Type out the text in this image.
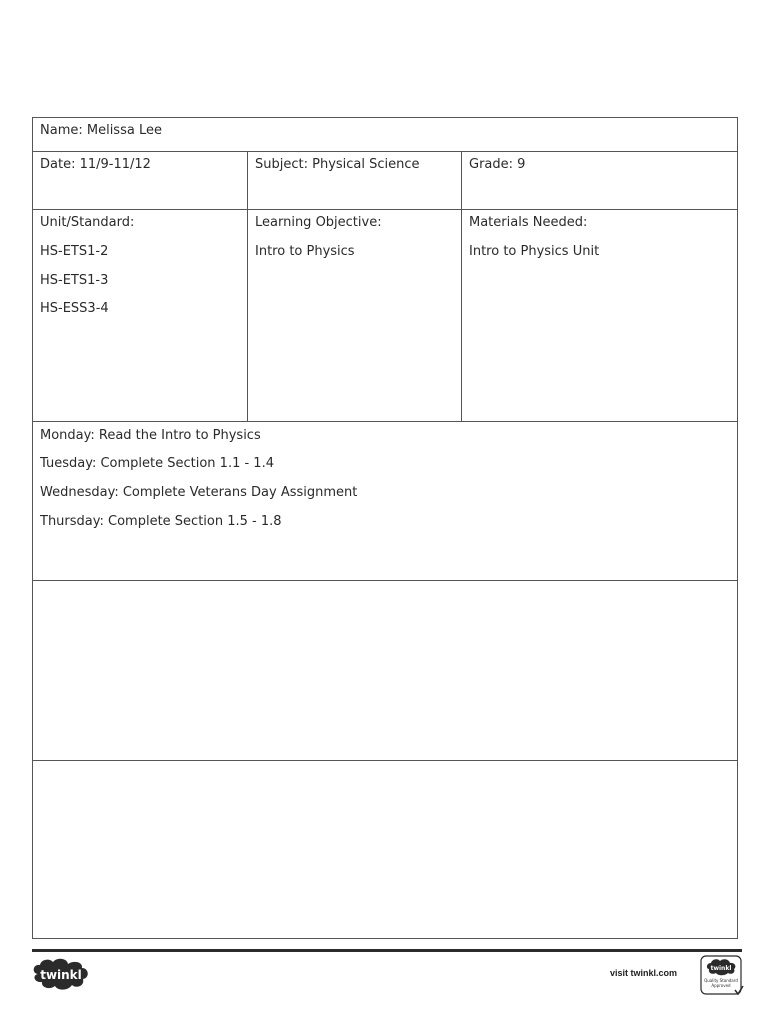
Name: Melissa Lee
Date: 11/9-11/12	Subject: Physical Science	Grade: 9
Unit/Standard:
HS-ETS1-2
HS-ETS1-3
HS-ESS3-4
Learning Objective:
Intro to Physics
Materials Needed:
Intro to Physics Unit
Monday: Read the Intro to Physics
Tuesday: Complete Section 1.1 - 1.4
Wednesday: Complete Veterans Day Assignment
Thursday: Complete Section 1.5 - 1.8
twinkl	visit twinkl.com	twinkl
Quality Standard
Approved
